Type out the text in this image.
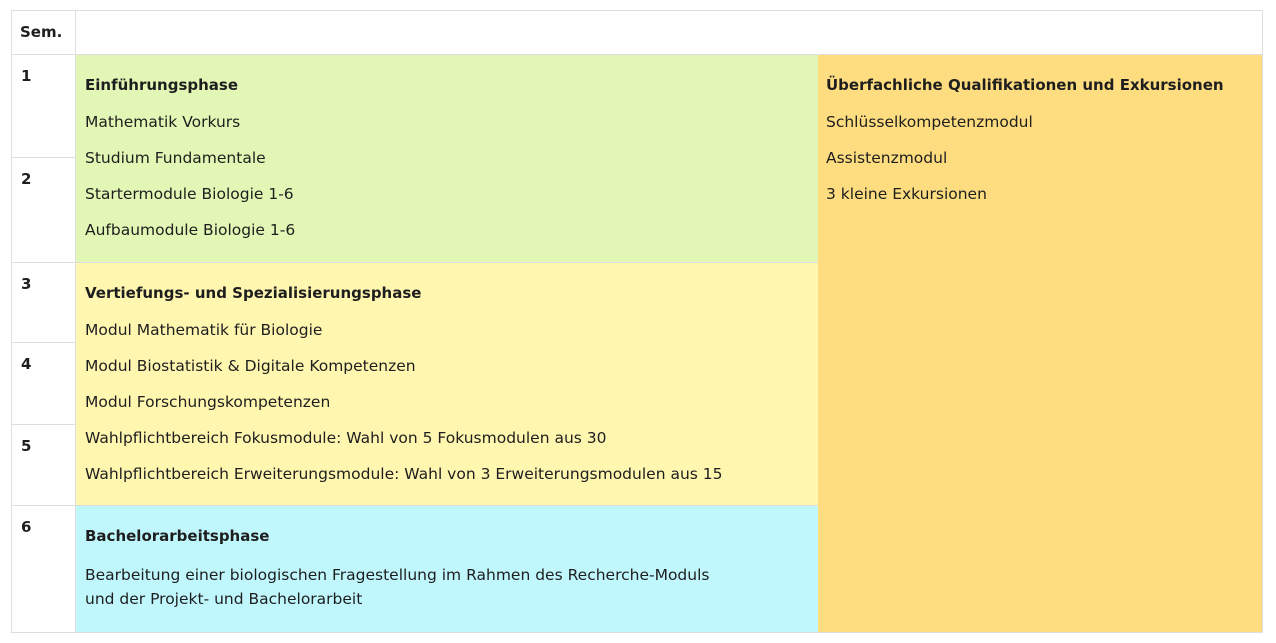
Sem.
1
2
3
4
5
6
Einführungsphase
Mathematik Vorkurs
Studium Fundamentale
Startermodule Biologie 1-6
Aufbaumodule Biologie 1-6
Vertiefungs- und Spezialisierungsphase
Modul Mathematik für Biologie
Modul Biostatistik & Digitale Kompetenzen
Modul Forschungskompetenzen
Wahlpflichtbereich Fokusmodule: Wahl von 5 Fokusmodulen aus 30
Wahlpflichtbereich Erweiterungsmodule: Wahl von 3 Erweiterungsmodulen aus 15
Bachelorarbeitsphase
Bearbeitung einer biologischen Fragestellung im Rahmen des Recherche-Moduls
und der Projekt- und Bachelorarbeit
Überfachliche Qualifikationen und Exkursionen
Schlüsselkompetenzmodul
Assistenzmodul
3 kleine Exkursionen
